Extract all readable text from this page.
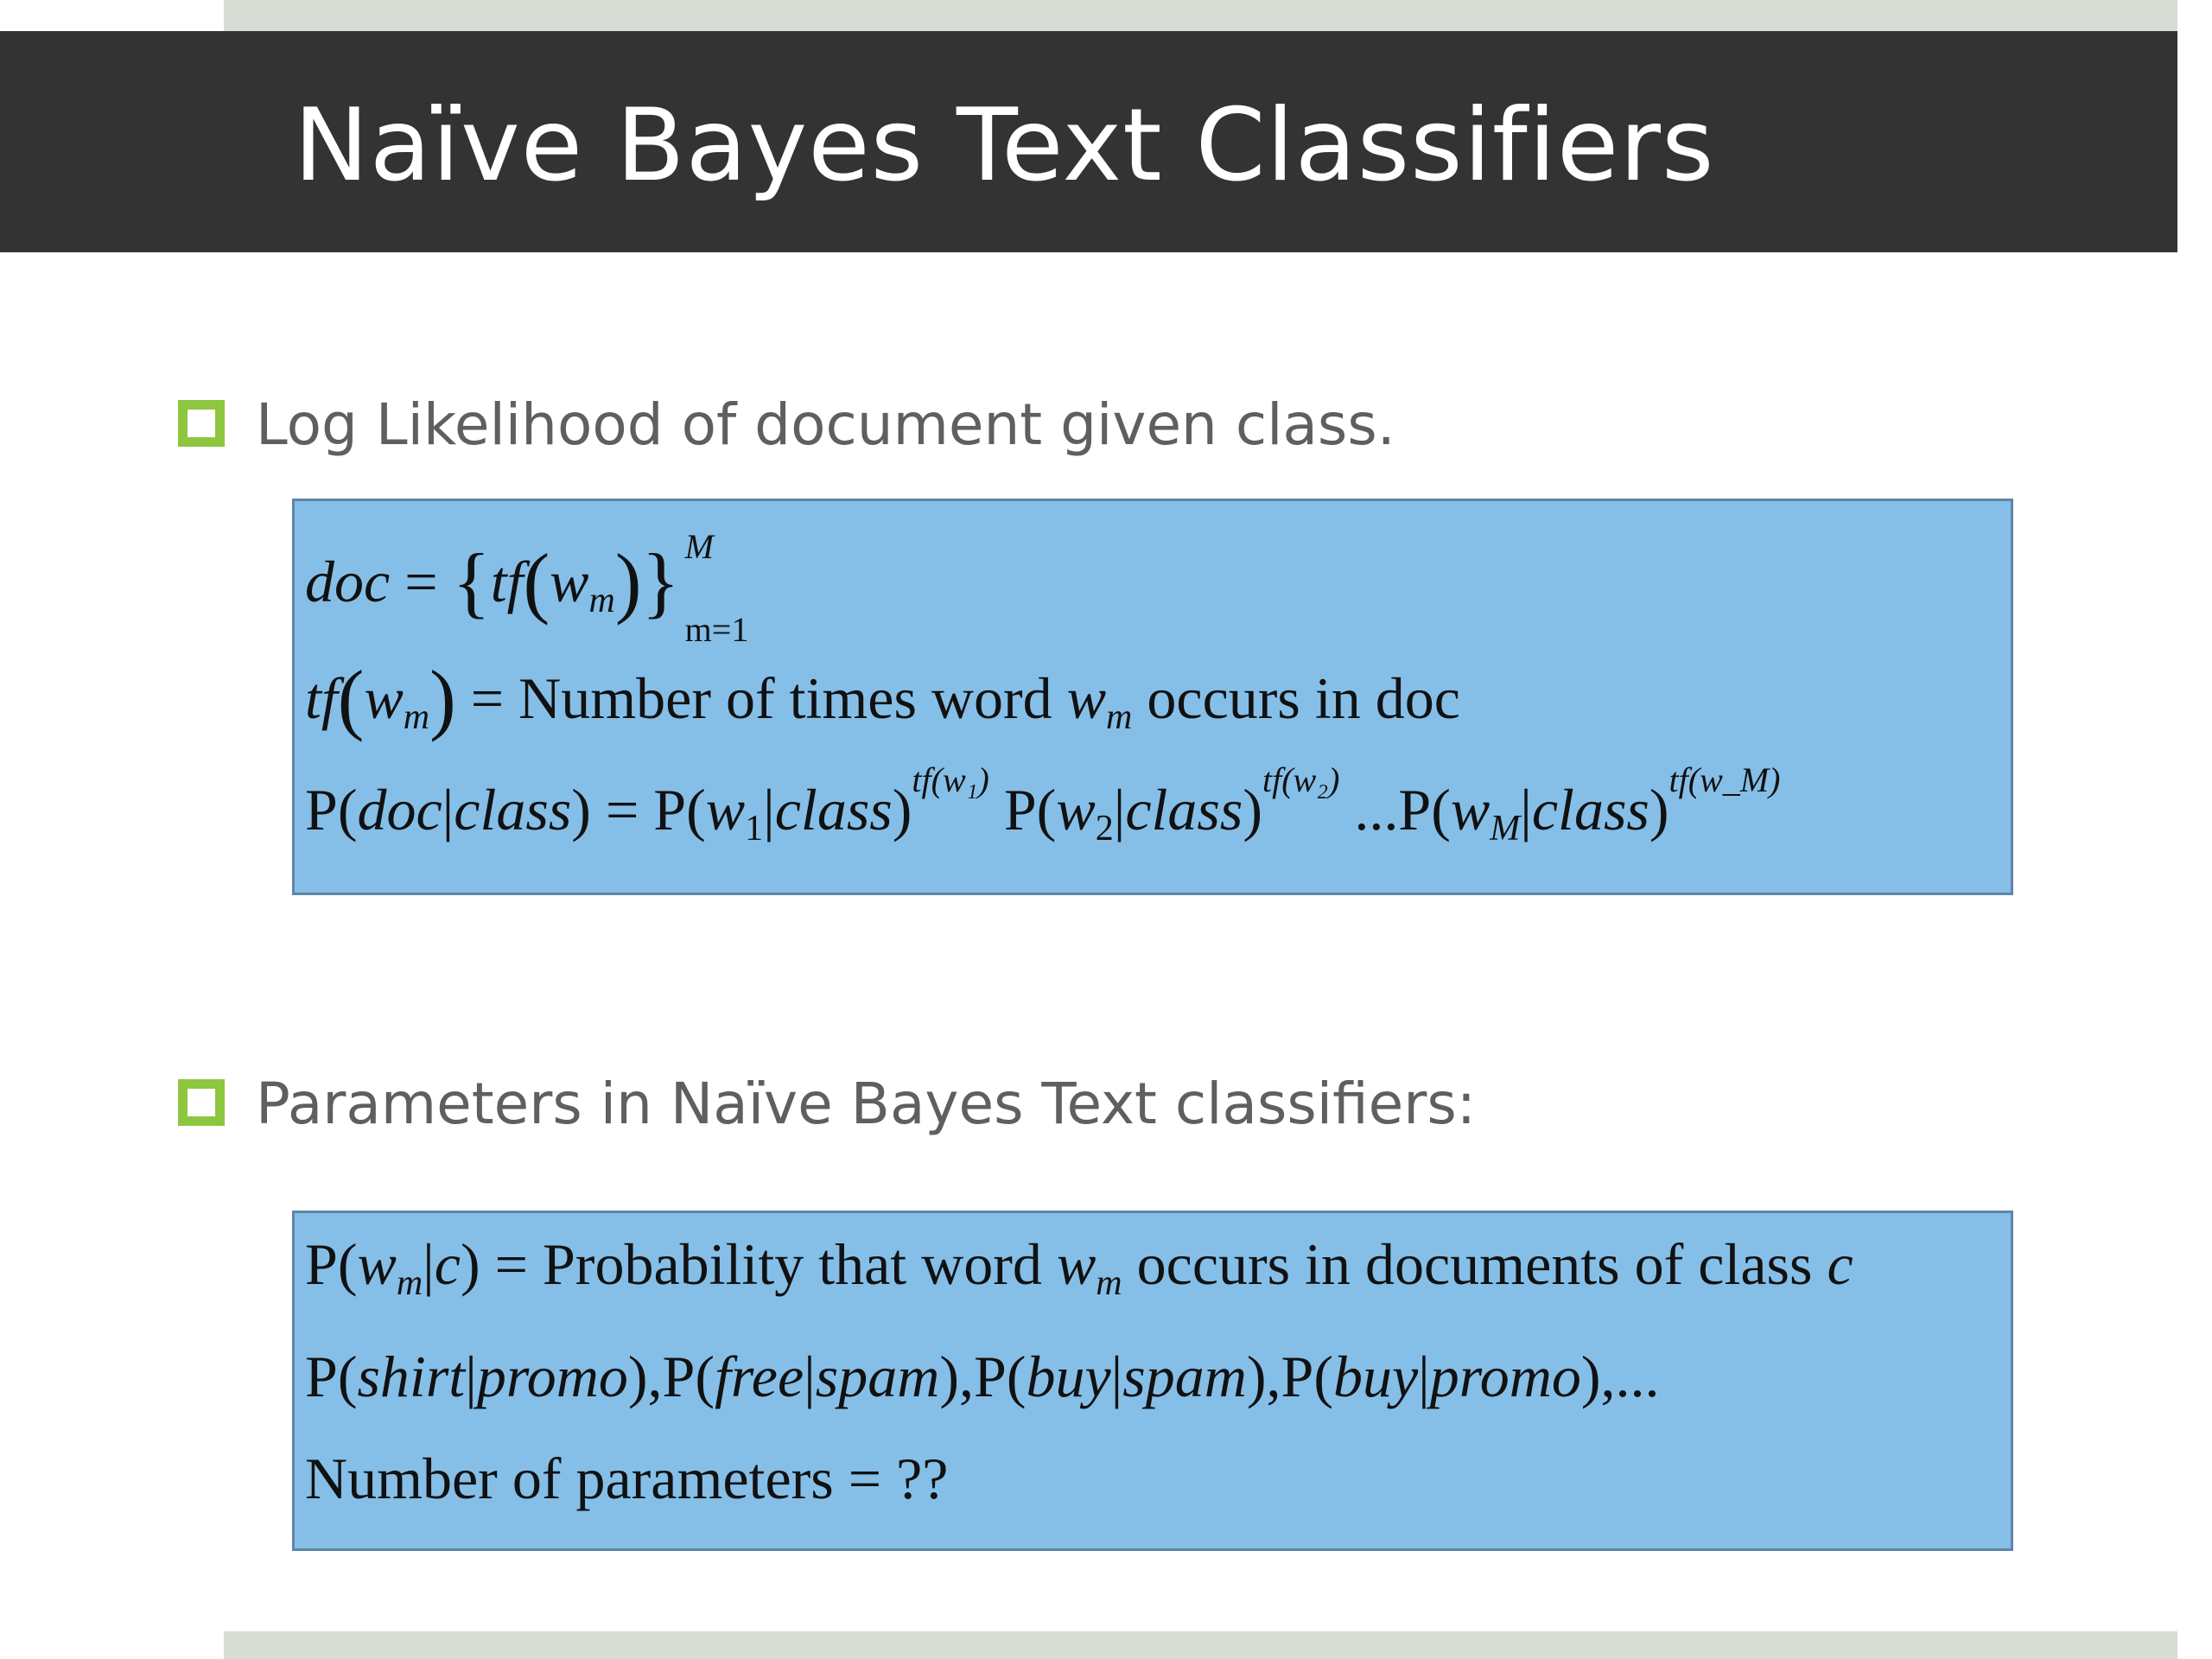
Naïve Bayes Text Classifiers
Log Likelihood of document given class.
doc = $\{tf(w_m)\}$ M
m=1
$tf(w_m)$ = Number of times word $w_m$ occurs in doc
P(doc|class) = $P(w_1|class)^{tf(w_1)}$ $P(w_2|class)^{tf(w_2)}$ $...P(w_M|class)^{tf(w\_M)}$
Parameters in Naïve Bayes Text classifiers:
$P(w_m|c)$ = Probability that word $w_m$ occurs in documents of class c
P(shirt|promo),P(free|spam),P(buy|spam),P(buy|promo),...
Number of parameters = ??
